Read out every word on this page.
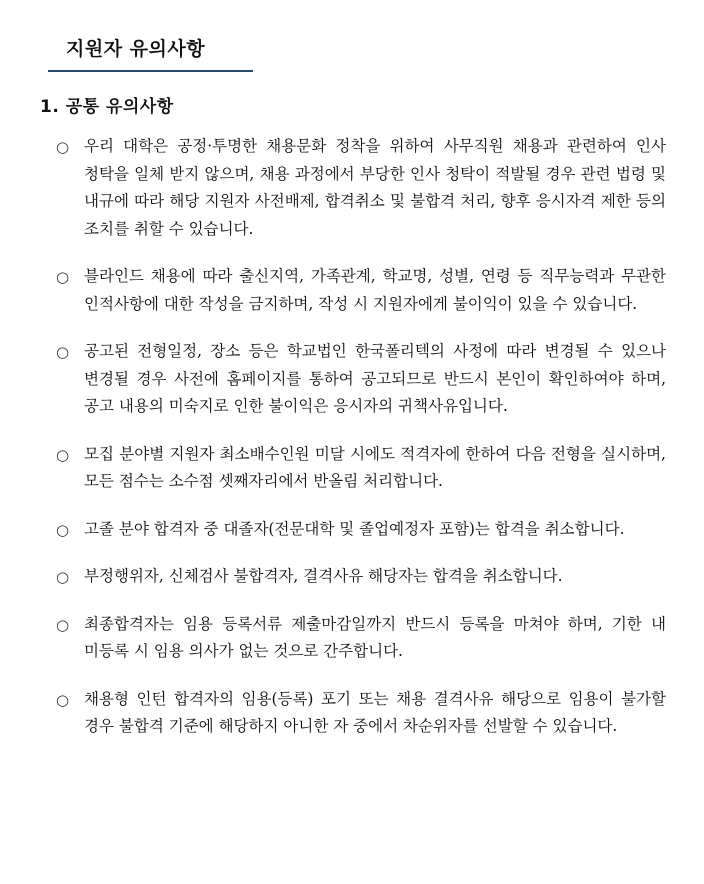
지원자 유의사항
1. 공통 유의사항
○ 우리 대학은 공정·투명한 채용문화 정착을 위하여 사무직원 채용과 관련하여 인사 청탁을 일체 받지 않으며, 채용 과정에서 부당한 인사 청탁이 적발될 경우 관련 법령 및 내규에 따라 해당 지원자 사전배제, 합격취소 및 불합격 처리, 향후 응시자격 제한 등의 조치를 취할 수 있습니다.
○ 블라인드 채용에 따라 출신지역, 가족관계, 학교명, 성별, 연령 등 직무능력과 무관한 인적사항에 대한 작성을 금지하며, 작성 시 지원자에게 불이익이 있을 수 있습니다.
○ 공고된 전형일정, 장소 등은 학교법인 한국폴리텍의 사정에 따라 변경될 수 있으나 변경될 경우 사전에 홈페이지를 통하여 공고되므로 반드시 본인이 확인하여야 하며, 공고 내용의 미숙지로 인한 불이익은 응시자의 귀책사유입니다.
○ 모집 분야별 지원자 최소배수인원 미달 시에도 적격자에 한하여 다음 전형을 실시하며, 모든 점수는 소수점 셋째자리에서 반올림 처리합니다.
○ 고졸 분야 합격자 중 대졸자(전문대학 및 졸업예정자 포함)는 합격을 취소합니다.
○ 부정행위자, 신체검사 불합격자, 결격사유 해당자는 합격을 취소합니다.
○ 최종합격자는 임용 등록서류 제출마감일까지 반드시 등록을 마쳐야 하며, 기한 내 미등록 시 임용 의사가 없는 것으로 간주합니다.
○ 채용형 인턴 합격자의 임용(등록) 포기 또는 채용 결격사유 해당으로 임용이 불가할 경우 불합격 기준에 해당하지 아니한 자 중에서 차순위자를 선발할 수 있습니다.
